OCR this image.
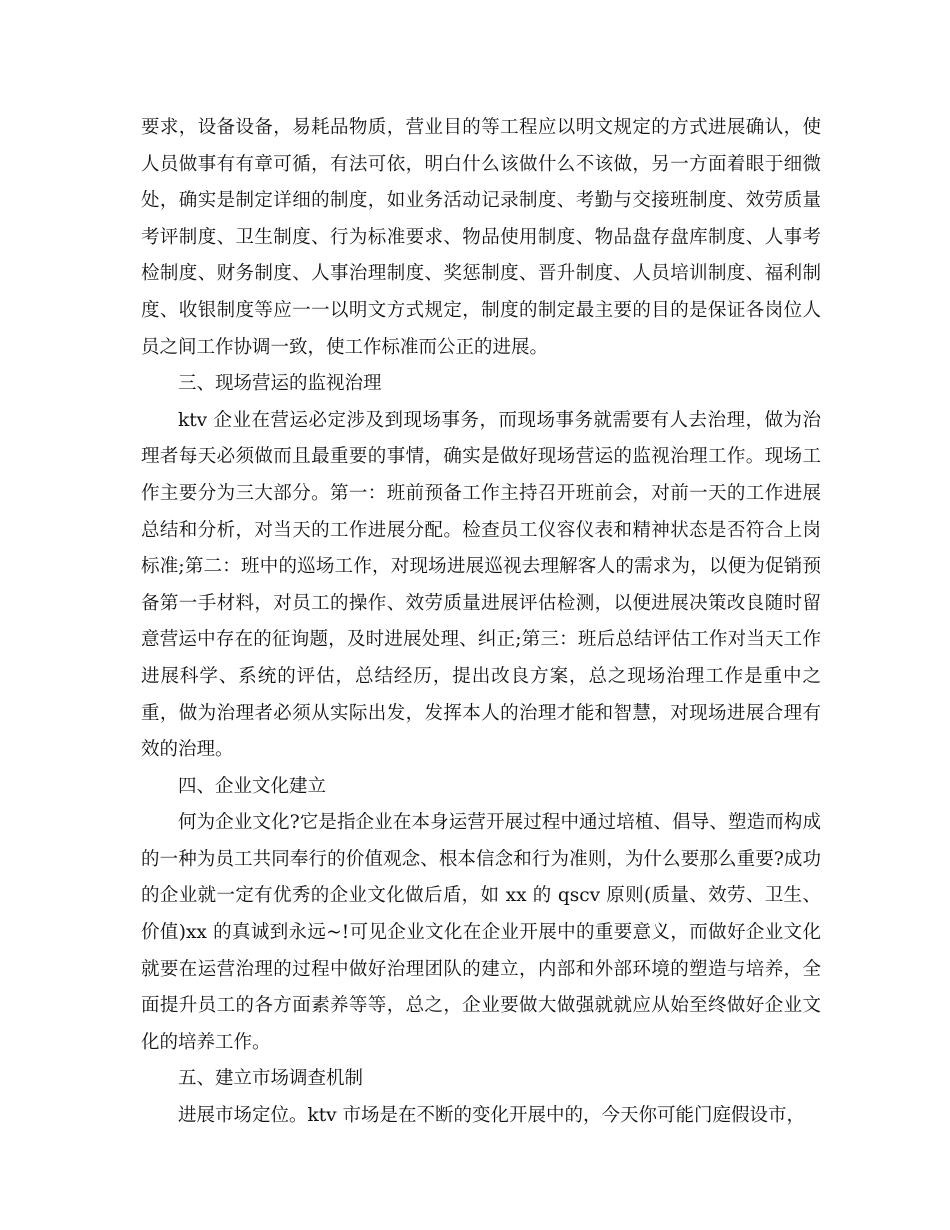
要求，设备设备，易耗品物质，营业目的等工程应以明文规定的方式进展确认，使人员做事有有章可循，有法可依，明白什么该做什么不该做，另一方面着眼于细微处，确实是制定详细的制度，如业务活动记录制度、考勤与交接班制度、效劳质量考评制度、卫生制度、行为标准要求、物品使用制度、物品盘存盘库制度、人事考检制度、财务制度、人事治理制度、奖惩制度、晋升制度、人员培训制度、福利制度、收银制度等应一一以明文方式规定，制度的制定最主要的目的是保证各岗位人员之间工作协调一致，使工作标准而公正的进展。

三、现场营运的监视治理

ktv 企业在营运必定涉及到现场事务，而现场事务就需要有人去治理，做为治理者每天必须做而且最重要的事情，确实是做好现场营运的监视治理工作。现场工作主要分为三大部分。第一：班前预备工作主持召开班前会，对前一天的工作进展总结和分析，对当天的工作进展分配。检查员工仪容仪表和精神状态是否符合上岗标准;第二：班中的巡场工作，对现场进展巡视去理解客人的需求为，以便为促销预备第一手材料，对员工的操作、效劳质量进展评估检测，以便进展决策改良随时留意营运中存在的征询题，及时进展处理、纠正;第三：班后总结评估工作对当天工作进展科学、系统的评估，总结经历，提出改良方案，总之现场治理工作是重中之重，做为治理者必须从实际出发，发挥本人的治理才能和智慧，对现场进展合理有效的治理。

四、企业文化建立

何为企业文化?它是指企业在本身运营开展过程中通过培植、倡导、塑造而构成的一种为员工共同奉行的价值观念、根本信念和行为准则，为什么要那么重要?成功的企业就一定有优秀的企业文化做后盾，如 xx 的 qscv 原则(质量、效劳、卫生、价值)xx 的真诚到永远~!可见企业文化在企业开展中的重要意义，而做好企业文化就要在运营治理的过程中做好治理团队的建立，内部和外部环境的塑造与培养，全面提升员工的各方面素养等等，总之，企业要做大做强就就应从始至终做好企业文化的培养工作。

五、建立市场调查机制

进展市场定位。ktv 市场是在不断的变化开展中的，今天你可能门庭假设市，
